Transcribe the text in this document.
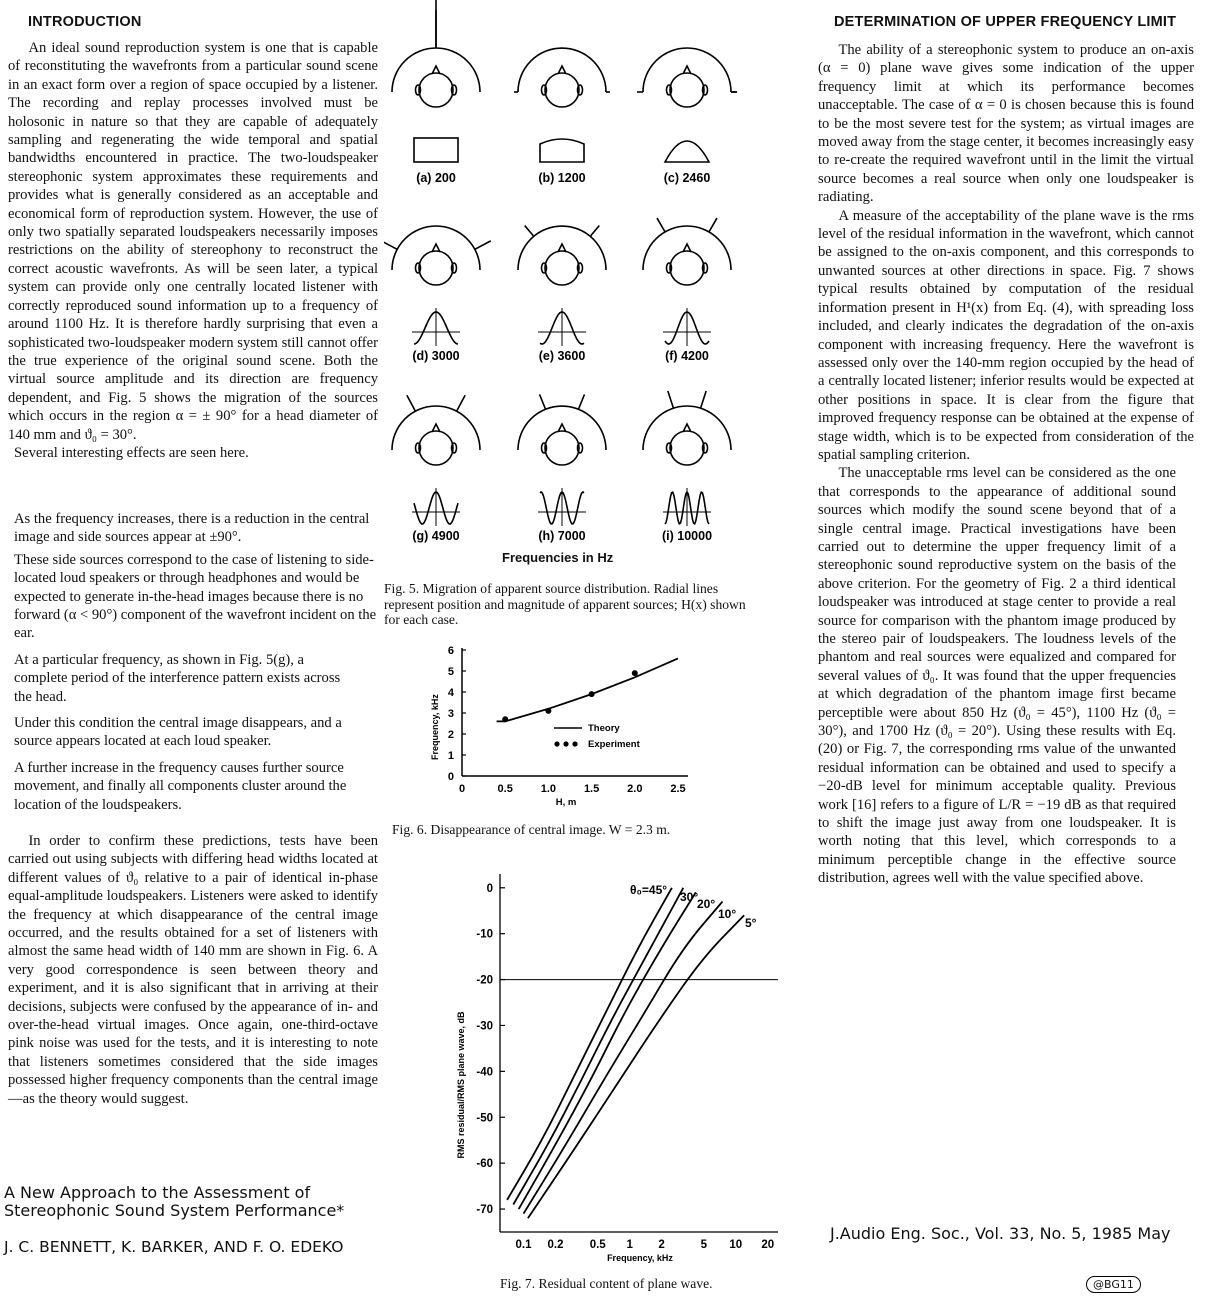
INTRODUCTION

An ideal sound reproduction system is one that is capable of reconstituting the wavefronts from a particular sound scene in an exact form over a region of space occupied by a listener. The recording and replay processes involved must be holosonic in nature so that they are capable of adequately sampling and regenerating the wide temporal and spatial bandwidths encountered in practice. The two-loudspeaker stereophonic system approximates these requirements and provides what is generally considered as an acceptable and economical form of reproduction system. However, the use of only two spatially separated loudspeakers necessarily imposes restrictions on the ability of stereophony to reconstruct the correct acoustic wavefronts. As will be seen later, a typical system can provide only one centrally located listener with correctly reproduced sound information up to a frequency of around 1100 Hz. It is therefore hardly surprising that even a sophisticated two-loudspeaker modern system still cannot offer the true experience of the original sound scene. Both the virtual source amplitude and its direction are frequency dependent, and Fig. 5 shows the migration of the sources which occurs in the region α = ± 90° for a head diameter of 140 mm and ϑ₀ = 30°.

Several interesting effects are seen here.

As the frequency increases, there is a reduction in the central image and side sources appear at ±90°.

These side sources correspond to the case of listening to side-located loud speakers or through headphones and would be expected to generate in-the-head images because there is no forward (α < 90°) component of the wavefront incident on the ear.

At a particular frequency, as shown in Fig. 5(g), a complete period of the interference pattern exists across the head.

Under this condition the central image disappears, and a source appears located at each loud speaker.

A further increase in the frequency causes further source movement, and finally all components cluster around the location of the loudspeakers.

In order to confirm these predictions, tests have been carried out using subjects with differing head widths located at different values of ϑ₀ relative to a pair of identical in-phase equal-amplitude loudspeakers. Listeners were asked to identify the frequency at which disappearance of the central image occurred, and the results obtained for a set of listeners with almost the same head width of 140 mm are shown in Fig. 6. A very good correspondence is seen between theory and experiment, and it is also significant that in arriving at their decisions, subjects were confused by the appearance of in- and over-the-head virtual images. Once again, one-third-octave pink noise was used for the tests, and it is interesting to note that listeners sometimes considered that the side images possessed higher frequency components than the central image—as the theory would suggest.

DETERMINATION OF UPPER FREQUENCY LIMIT

The ability of a stereophonic system to produce an on-axis (α = 0) plane wave gives some indication of the upper frequency limit at which its performance becomes unacceptable. The case of α = 0 is chosen because this is found to be the most severe test for the system; as virtual images are moved away from the stage center, it becomes increasingly easy to re-create the required wavefront until in the limit the virtual source becomes a real source when only one loudspeaker is radiating.

A measure of the acceptability of the plane wave is the rms level of the residual information in the wavefront, which cannot be assigned to the on-axis component, and this corresponds to unwanted sources at other directions in space. Fig. 7 shows typical results obtained by computation of the residual information present in H¹(x) from Eq. (4), with spreading loss included, and clearly indicates the degradation of the on-axis component with increasing frequency. Here the wavefront is assessed only over the 140-mm region occupied by the head of a centrally located listener; inferior results would be expected at other positions in space. It is clear from the figure that improved frequency response can be obtained at the expense of stage width, which is to be expected from consideration of the spatial sampling criterion.

The unacceptable rms level can be considered as the one that corresponds to the appearance of additional sound sources which modify the sound scene beyond that of a single central image. Practical investigations have been carried out to determine the upper frequency limit of a stereophonic sound reproductive system on the basis of the above criterion. For the geometry of Fig. 2 a third identical loudspeaker was introduced at stage center to provide a real source for comparison with the phantom image produced by the stereo pair of loudspeakers. The loudness levels of the phantom and real sources were equalized and compared for several values of ϑ₀. It was found that the upper frequencies at which degradation of the phantom image first became perceptible were about 850 Hz (ϑ₀ = 45°), 1100 Hz (ϑ₀ = 30°), and 1700 Hz (ϑ₀ = 20°). Using these results with Eq. (20) or Fig. 7, the corresponding rms value of the unwanted residual information can be obtained and used to specify a −20-dB level for minimum acceptable quality. Previous work [16] refers to a figure of L/R = −19 dB as that required to shift the image just away from one loudspeaker. It is worth noting that this level, which corresponds to a minimum perceptible change in the effective source distribution, agrees well with the value specified above.

(a) 200	(b) 1200	(c) 2460
(d) 3000	(e) 3600	(f) 4200
(g) 4900	(h) 7000	(i) 10000
Frequencies in Hz
Fig. 5. Migration of apparent source distribution. Radial lines represent position and magnitude of apparent sources; H(x) shown for each case.
0
1
2
3
4
5
6
0	0.5	1.0	1.5	2.0	2.5
Frequency, kHz
H, m
Theory
Experiment
Fig. 6. Disappearance of central image. W = 2.3 m.
0
-10
-20
-30
-40
-50
-60
-70
0.1 0.2 0.5 1 2	5 10 20
θ₀=45° 30°
20°
10°
5°
RMS residual/RMS plane wave, dB
Frequency, kHz
Fig. 7. Residual content of plane wave.
A New Approach to the Assessment of
Stereophonic Sound System Performance*
J. C. BENNETT, K. BARKER, AND F. O. EDEKO
J.Audio Eng. Soc., Vol. 33, No. 5, 1985 May
@BG11
